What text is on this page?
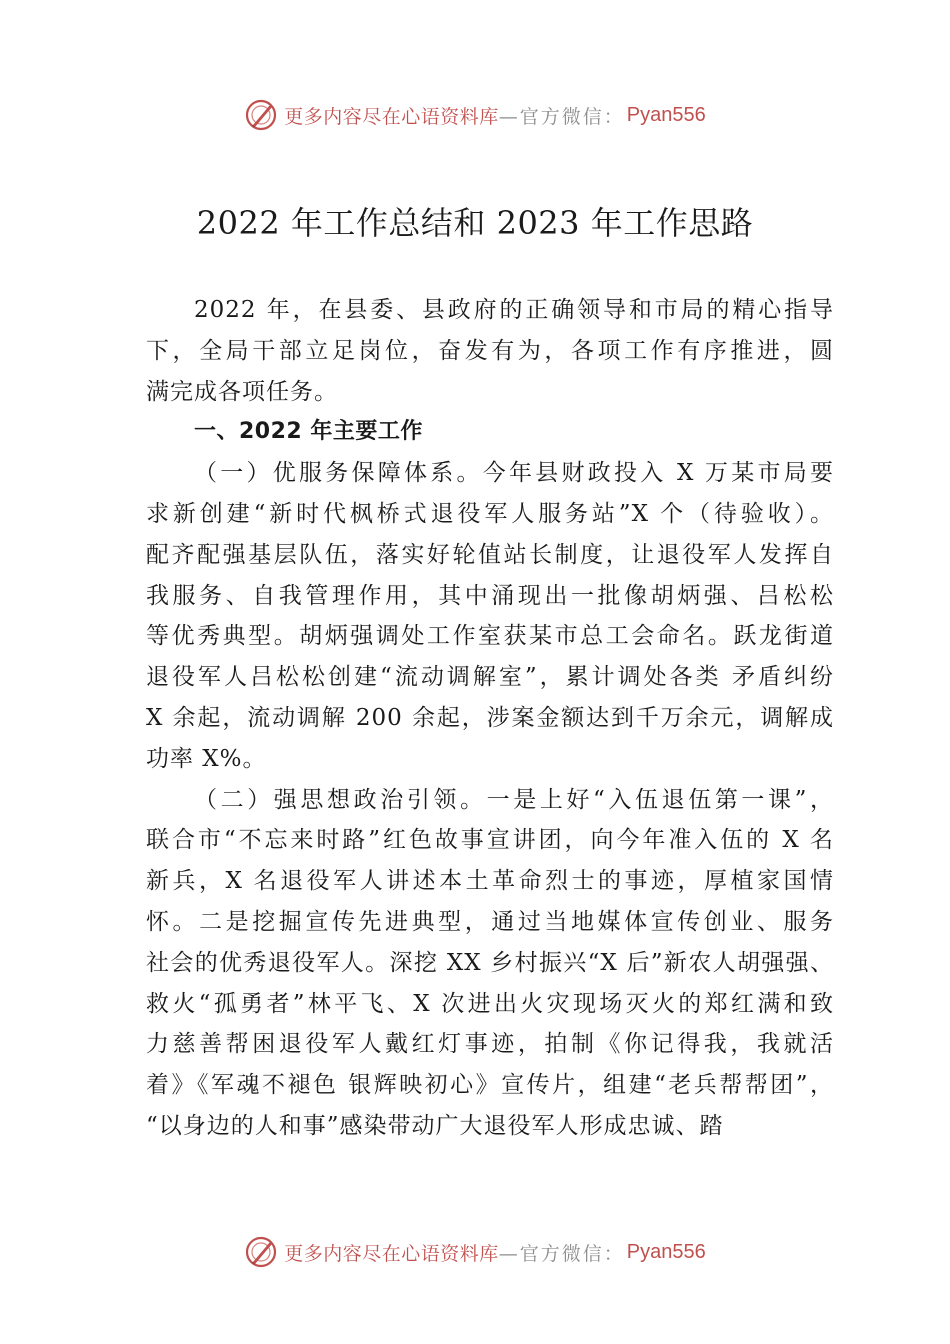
更多内容尽在心语资料库 —官方微信： Pyan556
2022 年工作总结和 2023 年工作思路
2022 年，在县委、县政府的正确领导和市局的精心指导
下，全局干部立足岗位，奋发有为，各项工作有序推进，圆
满完成各项任务。
一、2022 年主要工作
（一）优服务保障体系。今年县财政投入 X 万某市局要
求新创建“新时代枫桥式退役军人服务站”X 个（待验收）。
配齐配强基层队伍，落实好轮值站长制度，让退役军人发挥自
我服务、自我管理作用，其中涌现出一批像胡炳强、吕松松
等优秀典型。胡炳强调处工作室获某市总工会命名。跃龙街道
退役军人吕松松创建“流动调解室”，累计调处各类 矛盾纠纷
X 余起，流动调解 200 余起，涉案金额达到千万余元，调解成
功率 X%。
（二）强思想政治引领。一是上好“入伍退伍第一课”，
联合市“不忘来时路”红色故事宣讲团，向今年准入伍的 X 名
新兵，X 名退役军人讲述本土革命烈士的事迹，厚植家国情
怀。二是挖掘宣传先进典型，通过当地媒体宣传创业、服务
社会的优秀退役军人。深挖 XX 乡村振兴“X 后”新农人胡强强、
救火“孤勇者”林平飞、X 次进出火灾现场灭火的郑红满和致
力慈善帮困退役军人戴红灯事迹，拍制《你记得我，我就活
着》《军魂不褪色 银辉映初心》宣传片，组建“老兵帮帮团”，
“以身边的人和事”感染带动广大退役军人形成忠诚、踏
更多内容尽在心语资料库 —官方微信： Pyan556
